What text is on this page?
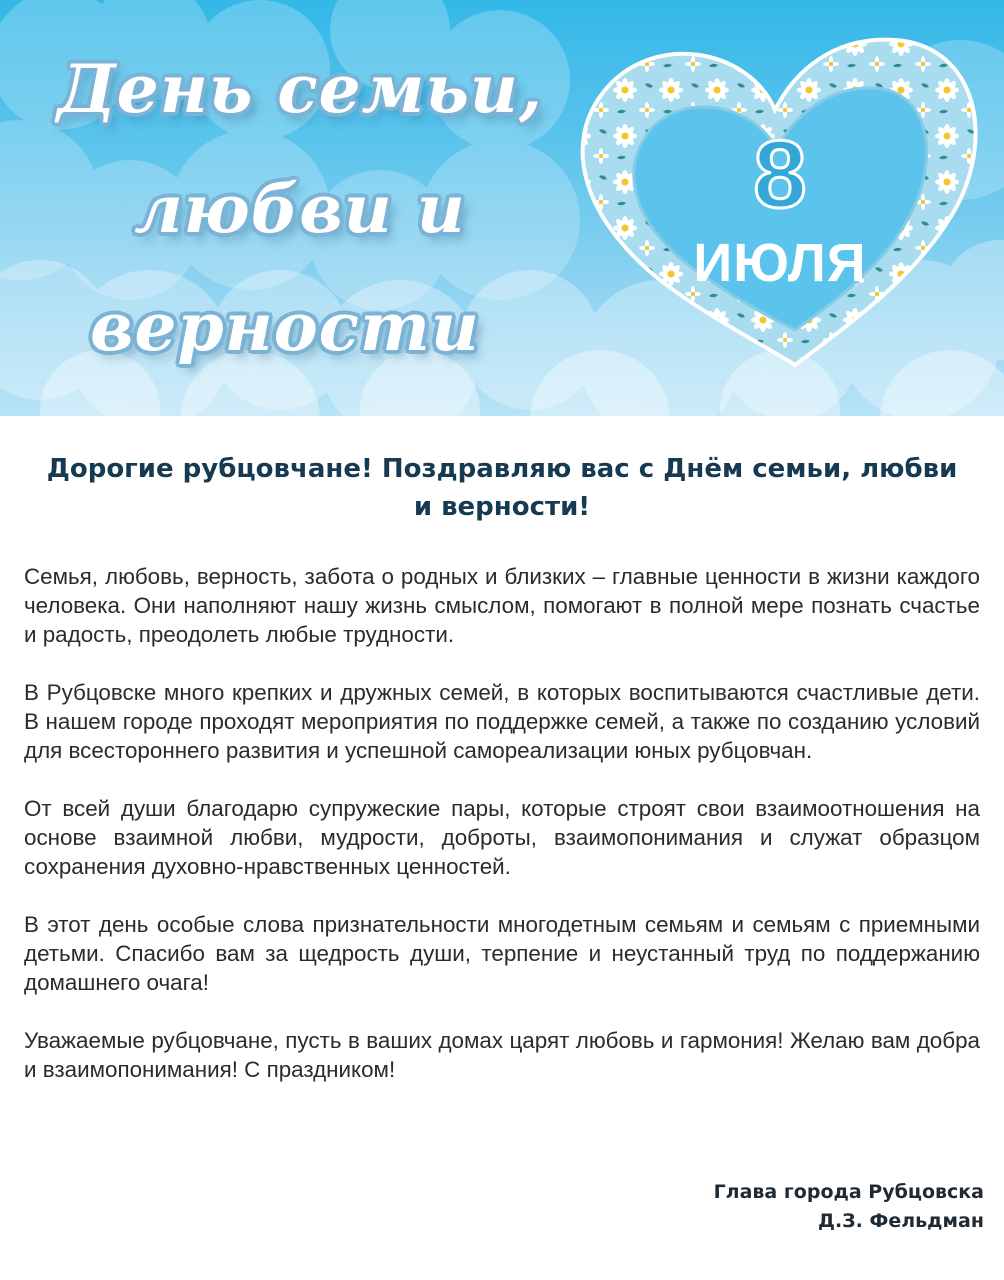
День семьи,
любви и
верности
8
ИЮЛЯ
Дорогие рубцовчане! Поздравляю вас с Днём семьи, любви и верности!
Семья, любовь, верность, забота о родных и близких – главные ценности в жизни каждого человека. Они наполняют нашу жизнь смыслом, помогают в полной мере познать счастье и радость, преодолеть любые трудности.
В Рубцовске много крепких и дружных семей, в которых воспитываются счастливые дети. В нашем городе проходят мероприятия по поддержке семей, а также по созданию условий для всестороннего развития и успешной самореализации юных рубцовчан.
От всей души благодарю супружеские пары, которые строят свои взаимоотношения на основе взаимной любви, мудрости, доброты, взаимопонимания и служат образцом сохранения духовно-нравственных ценностей.
В этот день особые слова признательности многодетным семьям и семьям с приемными детьми. Спасибо вам за щедрость души, терпение и неустанный труд по поддержанию домашнего очага!
Уважаемые рубцовчане, пусть в ваших домах царят любовь и гармония! Желаю вам добра и взаимопонимания! С праздником!
Глава города Рубцовска
Д.З. Фельдман
